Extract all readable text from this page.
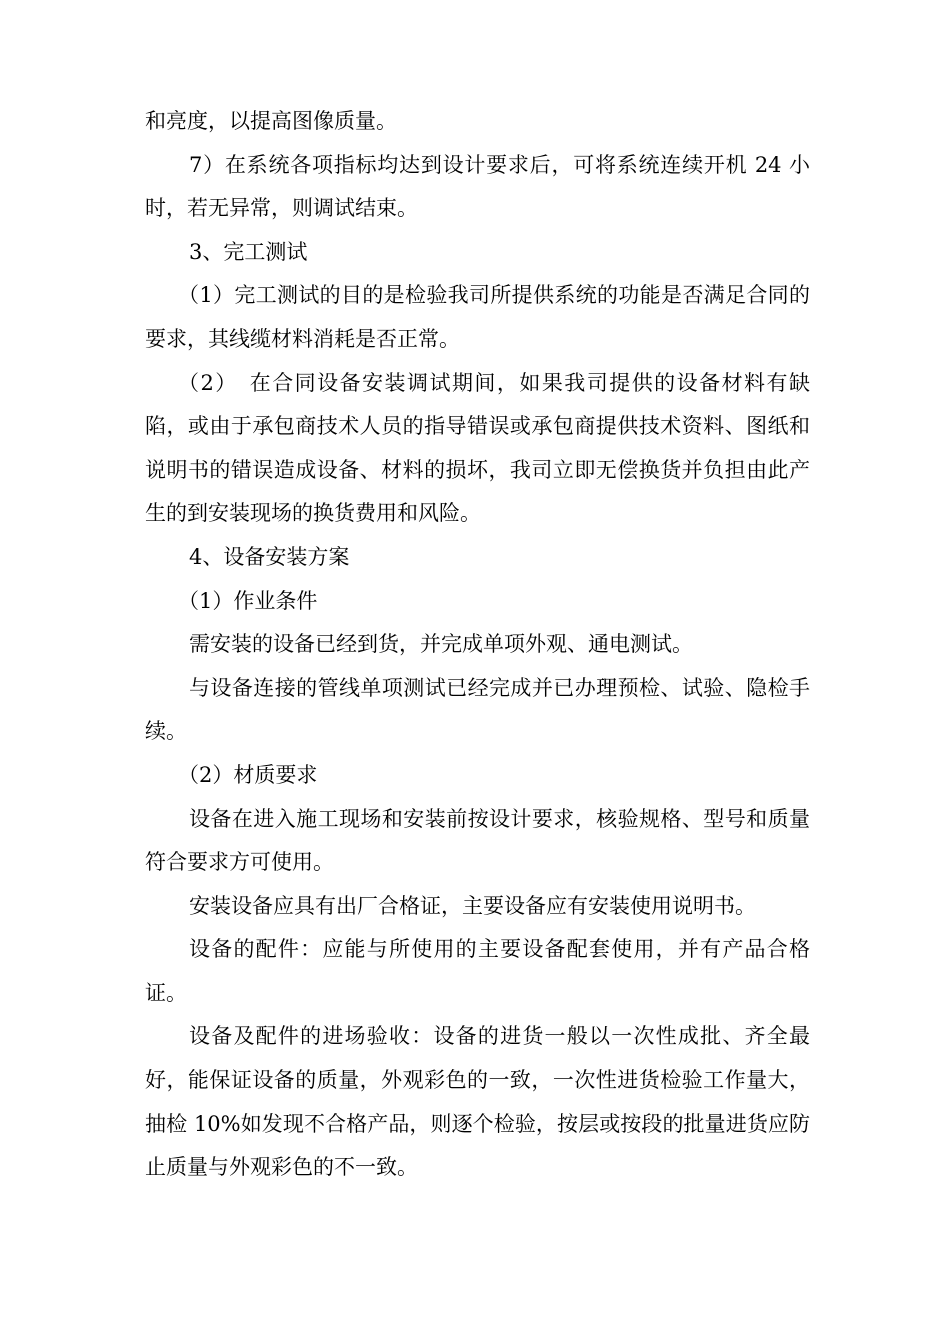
和亮度，以提高图像质量。

7）在系统各项指标均达到设计要求后，可将系统连续开机 24 小时，若无异常，则调试结束。

3、完工测试

（1）完工测试的目的是检验我司所提供系统的功能是否满足合同的要求，其线缆材料消耗是否正常。

（2）　在合同设备安装调试期间，如果我司提供的设备材料有缺陷，或由于承包商技术人员的指导错误或承包商提供技术资料、图纸和说明书的错误造成设备、材料的损坏，我司立即无偿换货并负担由此产生的到安装现场的换货费用和风险。

4、设备安装方案

（1）作业条件

需安装的设备已经到货，并完成单项外观、通电测试。

与设备连接的管线单项测试已经完成并已办理预检、试验、隐检手续。

（2）材质要求

设备在进入施工现场和安装前按设计要求，核验规格、型号和质量符合要求方可使用。

安装设备应具有出厂合格证，主要设备应有安装使用说明书。

设备的配件：应能与所使用的主要设备配套使用，并有产品合格证。

设备及配件的进场验收：设备的进货一般以一次性成批、齐全最好，能保证设备的质量，外观彩色的一致，一次性进货检验工作量大，抽检 10%如发现不合格产品，则逐个检验，按层或按段的批量进货应防止质量与外观彩色的不一致。
